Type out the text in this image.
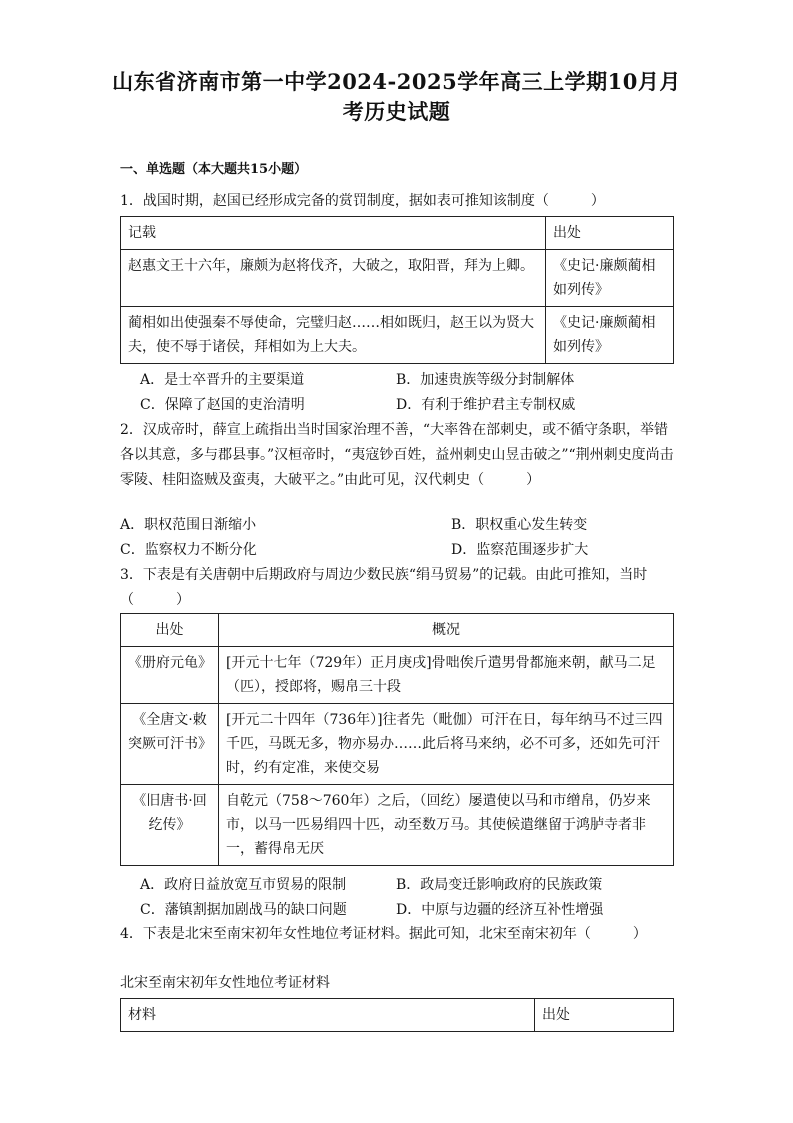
山东省济南市第一中学2024-2025学年高三上学期10月月
考历史试题
一、单选题（本大题共15小题）
1．战国时期，赵国已经形成完备的赏罚制度，据如表可推知该制度（　　　）
记载	出处
赵惠文王十六年，廉颇为赵将伐齐，大破之，取阳晋，拜为上卿。	《史记·廉颇蔺相如列传》
蔺相如出使强秦不辱使命，完璧归赵……相如既归，赵王以为贤大夫，使不辱于诸侯，拜相如为上大夫。	《史记·廉颇蔺相如列传》
A．是士卒晋升的主要渠道	B．加速贵族等级分封制解体
C．保障了赵国的吏治清明	D．有利于维护君主专制权威
2．汉成帝时，薛宣上疏指出当时国家治理不善，“大率咎在部刺史，或不循守条职，举错各以其意，多与郡县事。”汉桓帝时，“夷寇钞百姓，益州刺史山昱击破之”“荆州刺史度尚击零陵、桂阳盗贼及蛮夷，大破平之。”由此可见，汉代刺史（　　　）
A．职权范围日渐缩小	B．职权重心发生转变
C．监察权力不断分化	D．监察范围逐步扩大
3．下表是有关唐朝中后期政府与周边少数民族“绢马贸易”的记载。由此可推知，当时（　　　）
出处	概况
《册府元龟》	[开元十七年（729年）正月庚戌]骨咄俟斤遣男骨都施来朝，献马二足（匹），授郎将，赐帛三十段
《全唐文·敕突厥可汗书》	[开元二十四年（736年）]往者先（毗伽）可汗在日，每年纳马不过三四千匹，马既无多，物亦易办……此后将马来纳，必不可多，还如先可汗时，约有定准，来使交易
《旧唐书·回纥传》	自乾元（758～760年）之后，（回纥）屡遣使以马和市缯帛，仍岁来市，以马一匹易绢四十匹，动至数万马。其使候遣继留于鸿胪寺者非一，蓄得帛无厌
A．政府日益放宽互市贸易的限制	B．政局变迁影响政府的民族政策
C．藩镇割据加剧战马的缺口问题	D．中原与边疆的经济互补性增强
4．下表是北宋至南宋初年女性地位考证材料。据此可知，北宋至南宋初年（　　　）
北宋至南宋初年女性地位考证材料
材料	出处
